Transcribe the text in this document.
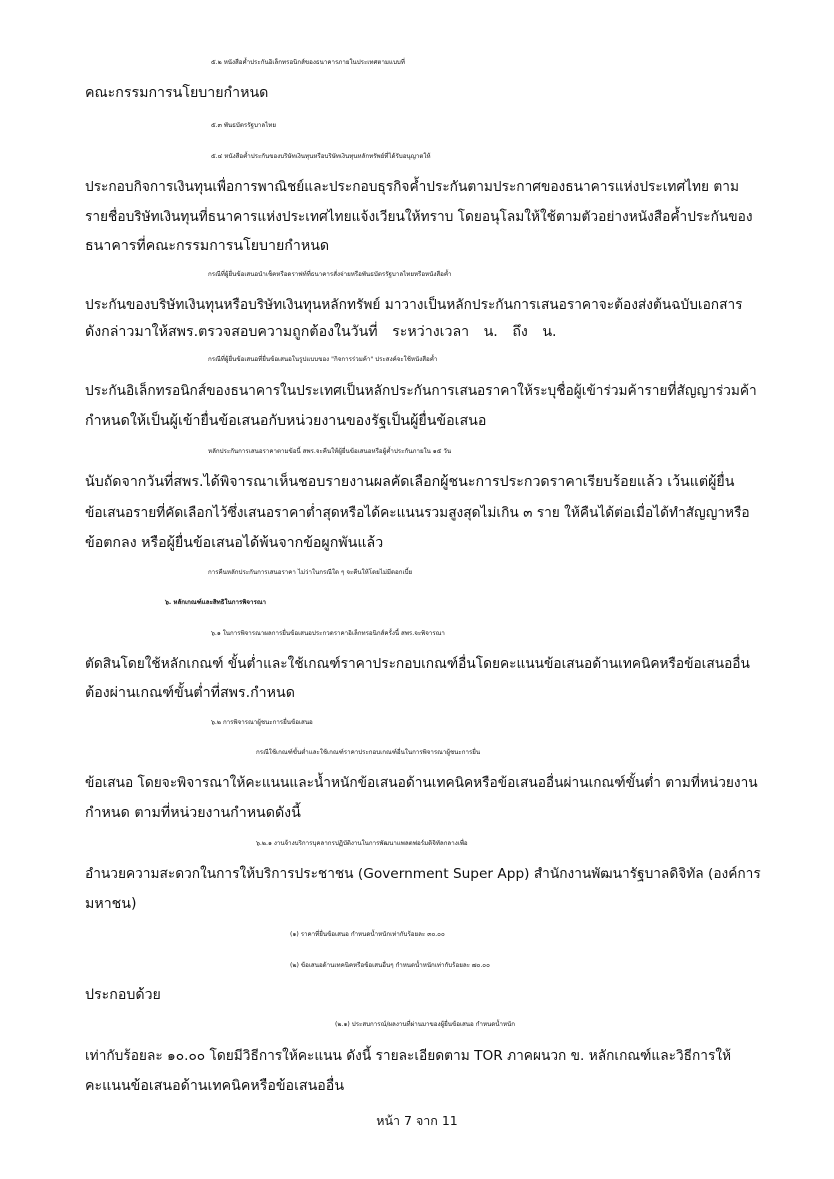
๕.๒ หนังสือค้ำประกันอิเล็กทรอนิกส์ของธนาคารภายในประเทศตามแบบที่
คณะกรรมการนโยบายกำหนด
๕.๓ พันธบัตรรัฐบาลไทย
๕.๔ หนังสือค้ำประกันของบริษัทเงินทุนหรือบริษัทเงินทุนหลักทรัพย์ที่ได้รับอนุญาตให้
ประกอบกิจการเงินทุนเพื่อการพาณิชย์และประกอบธุรกิจค้ำประกันตามประกาศของธนาคารแห่งประเทศไทย ตาม
รายชื่อบริษัทเงินทุนที่ธนาคารแห่งประเทศไทยแจ้งเวียนให้ทราบ โดยอนุโลมให้ใช้ตามตัวอย่างหนังสือค้ำประกันของ
ธนาคารที่คณะกรรมการนโยบายกำหนด
กรณีที่ผู้ยื่นข้อเสนอนำเช็คหรือดราฟท์ที่ธนาคารสั่งจ่ายหรือพันธบัตรรัฐบาลไทยหรือหนังสือค้ำ
ประกันของบริษัทเงินทุนหรือบริษัทเงินทุนหลักทรัพย์ มาวางเป็นหลักประกันการเสนอราคาจะต้องส่งต้นฉบับเอกสาร
ดังกล่าวมาให้สพร.ตรวจสอบความถูกต้องในวันที่ ระหว่างเวลา น. ถึง น.
กรณีที่ผู้ยื่นข้อเสนอที่ยื่นข้อเสนอในรูปแบบของ "กิจการร่วมค้า" ประสงค์จะใช้หนังสือค้ำ
ประกันอิเล็กทรอนิกส์ของธนาคารในประเทศเป็นหลักประกันการเสนอราคาให้ระบุชื่อผู้เข้าร่วมค้ารายที่สัญญาร่วมค้า
กำหนดให้เป็นผู้เข้ายื่นข้อเสนอกับหน่วยงานของรัฐเป็นผู้ยื่นข้อเสนอ
หลักประกันการเสนอราคาตามข้อนี้ สพร.จะคืนให้ผู้ยื่นข้อเสนอหรือผู้ค้ำประกันภายใน ๑๕ วัน
นับถัดจากวันที่สพร.ได้พิจารณาเห็นชอบรายงานผลคัดเลือกผู้ชนะการประกวดราคาเรียบร้อยแล้ว เว้นแต่ผู้ยื่น
ข้อเสนอรายที่คัดเลือกไว้ซึ่งเสนอราคาต่ำสุดหรือได้คะแนนรวมสูงสุดไม่เกิน ๓ ราย ให้คืนได้ต่อเมื่อได้ทำสัญญาหรือ
ข้อตกลง หรือผู้ยื่นข้อเสนอได้พ้นจากข้อผูกพันแล้ว
การคืนหลักประกันการเสนอราคา ไม่ว่าในกรณีใด ๆ จะคืนให้โดยไม่มีดอกเบี้ย
๖. หลักเกณฑ์และสิทธิในการพิจารณา
๖.๑ ในการพิจารณาผลการยื่นข้อเสนอประกวดราคาอิเล็กทรอนิกส์ครั้งนี้ สพร.จะพิจารณา
ตัดสินโดยใช้หลักเกณฑ์ ขั้นต่ำและใช้เกณฑ์ราคาประกอบเกณฑ์อื่นโดยคะแนนข้อเสนอด้านเทคนิคหรือข้อเสนออื่น
ต้องผ่านเกณฑ์ขั้นต่ำที่สพร.กำหนด
๖.๒ การพิจารณาผู้ชนะการยื่นข้อเสนอ
กรณีใช้เกณฑ์ขั้นต่ำและใช้เกณฑ์ราคาประกอบเกณฑ์อื่นในการพิจารณาผู้ชนะการยื่น
ข้อเสนอ โดยจะพิจารณาให้คะแนนและน้ำหนักข้อเสนอด้านเทคนิคหรือข้อเสนออื่นผ่านเกณฑ์ขั้นต่ำ ตามที่หน่วยงาน
กำหนด ตามที่หน่วยงานกำหนดดังนี้
๖.๒.๑ งานจ้างบริการบุคลากรปฏิบัติงานในการพัฒนาแพลตฟอร์มดิจิทัลกลางเพื่อ
อำนวยความสะดวกในการให้บริการประชาชน (Government Super App) สำนักงานพัฒนารัฐบาลดิจิทัล (องค์การ
มหาชน)
(๑) ราคาที่ยื่นข้อเสนอ กำหนดน้ำหนักเท่ากับร้อยละ ๓๐.๐๐
(๒) ข้อเสนอด้านเทคนิคหรือข้อเสนอื่นๆ กำหนดน้ำหนักเท่ากับร้อยละ ๗๐.๐๐
ประกอบด้วย
(๒.๑) ประสบการณ์/ผลงานที่ผ่านมาของผู้ยื่นข้อเสนอ กำหนดน้ำหนัก
เท่ากับร้อยละ ๑๐.๐๐ โดยมีวิธีการให้คะแนน ดังนี้ รายละเอียดตาม TOR ภาคผนวก ข. หลักเกณฑ์และวิธีการให้
คะแนนข้อเสนอด้านเทคนิคหรือข้อเสนออื่น
หน้า 7 จาก 11
